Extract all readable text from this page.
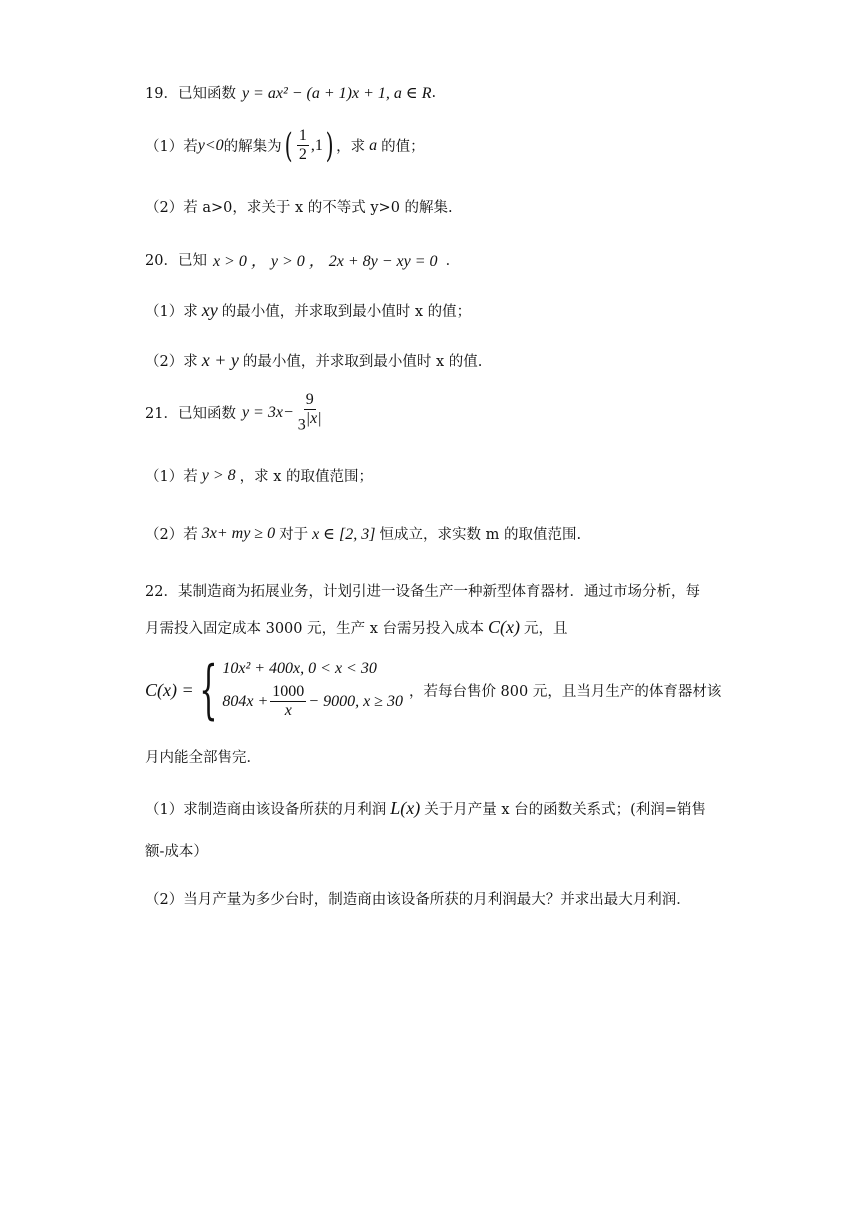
19． 已知函数 y = ax² − (a + 1)x + 1, a ∈ R .
（1）若 y<0 的解集为 ( $\frac{1}{2} ,1$ ) ，求 a 的值；
（2）若 a>0，求关于 x 的不等式 y>0 的解集.
20． 已知 x > 0 ， y > 0 ， 2x + 8y − xy = 0 ．
（1）求 xy 的最小值，并求取到最小值时 x 的值；
（2）求 x + y 的最小值，并求取到最小值时 x 的值.
21． 已知函数 y = 3 $x - \frac{9}{3^{|x|}}$
（1）若 y > 8 ，求 x 的取值范围；
（2）若 3 x + my ≥ 0 对于 x ∈ [2, 3] 恒成立，求实数 m 的取值范围.
22．某制造商为拓展业务，计划引进一设备生产一种新型体育器材．通过市场分析，每
月需投入固定成本 3000 元，生产 x 台需另投入成本 C(x) 元，且
C(x) = { 10x² + 400x, 0 < x < 30
$804x + \frac{1000}{x} - 9000$, x ≥ 30
，若每台售价 800 元，且当月生产的体育器材该
月内能全部售完．
（1）求制造商由该设备所获的月利润 L(x) 关于月产量 x 台的函数关系式；(利润=销售
额-成本）
（2）当月产量为多少台时，制造商由该设备所获的月利润最大？并求出最大月利润．
